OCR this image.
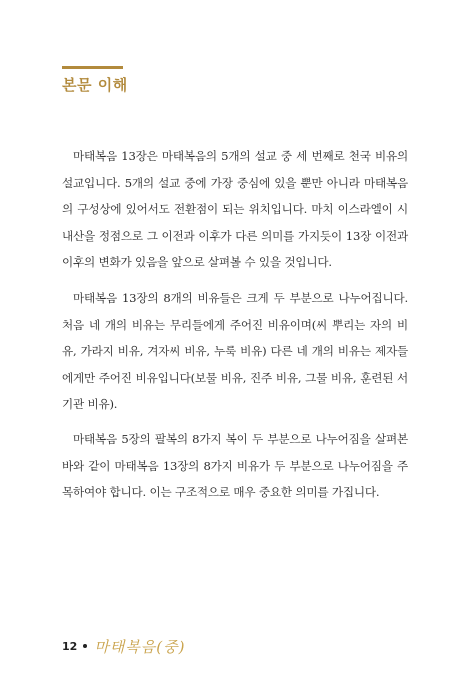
본문 이해

마태복음 13장은 마태복음의 5개의 설교 중 세 번째로 천국 비유의 설교입니다. 5개의 설교 중에 가장 중심에 있을 뿐만 아니라 마태복음의 구성상에 있어서도 전환점이 되는 위치입니다. 마치 이스라엘이 시내산을 정점으로 그 이전과 이후가 다른 의미를 가지듯이 13장 이전과 이후의 변화가 있음을 앞으로 살펴볼 수 있을 것입니다.

마태복음 13장의 8개의 비유들은 크게 두 부분으로 나누어집니다. 처음 네 개의 비유는 무리들에게 주어진 비유이며(씨 뿌리는 자의 비유, 가라지 비유, 겨자씨 비유, 누룩 비유) 다른 네 개의 비유는 제자들에게만 주어진 비유입니다(보물 비유, 진주 비유, 그물 비유, 훈련된 서기관 비유).

마태복음 5장의 팔복의 8가지 복이 두 부분으로 나누어짐을 살펴본 바와 같이 마태복음 13장의 8가지 비유가 두 부분으로 나누어짐을 주목하여야 합니다. 이는 구조적으로 매우 중요한 의미를 가집니다.

12 마태복음(중)
